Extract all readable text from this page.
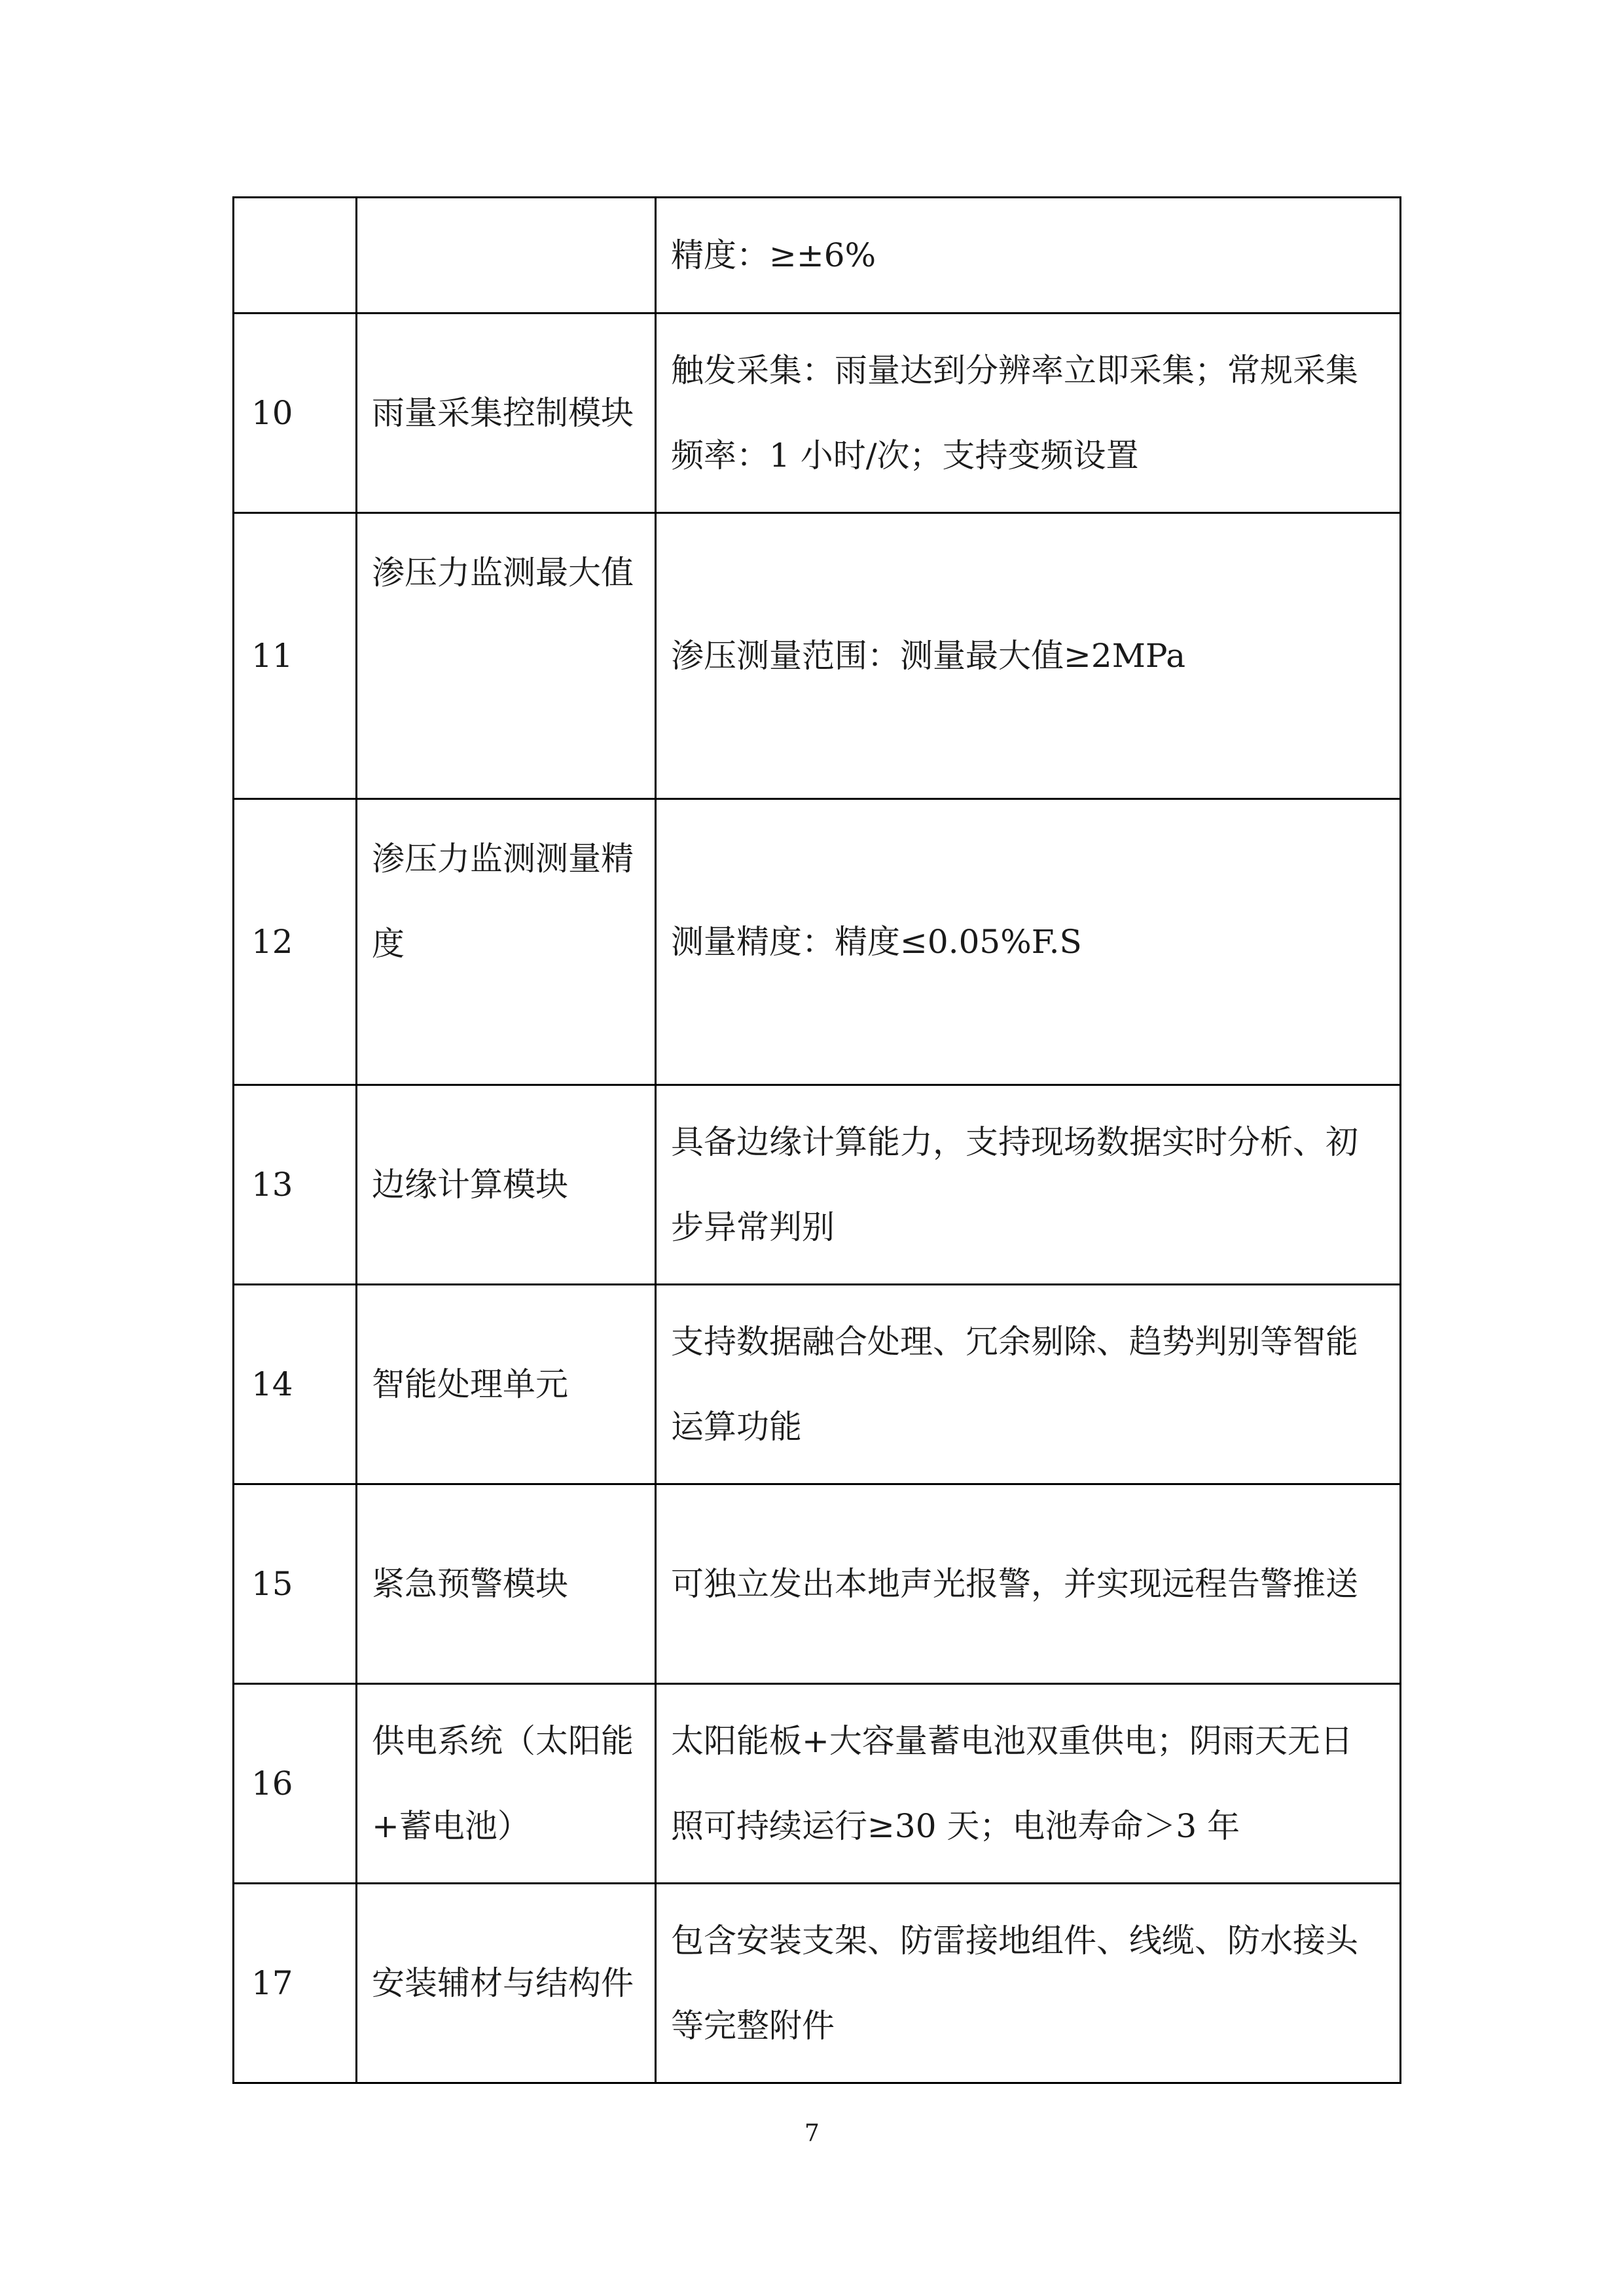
		精度：≥±6%

10	雨量采集控制模块	触发采集：雨量达到分辨率立即采集；常规采集频率：1 小时/次；支持变频设置

11	渗压力监测最大值	渗压测量范围：测量最大值≥2MPa

12	渗压力监测测量精度	测量精度：精度≤0.05%F.S

13	边缘计算模块	具备边缘计算能力，支持现场数据实时分析、初步异常判别

14	智能处理单元	支持数据融合处理、冗余剔除、趋势判别等智能运算功能

15	紧急预警模块	可独立发出本地声光报警，并实现远程告警推送

16	供电系统（太阳能+蓄电池）	太阳能板+大容量蓄电池双重供电；阴雨天无日照可持续运行≥30 天；电池寿命＞3 年

17	安装辅材与结构件	包含安装支架、防雷接地组件、线缆、防水接头等完整附件
7
